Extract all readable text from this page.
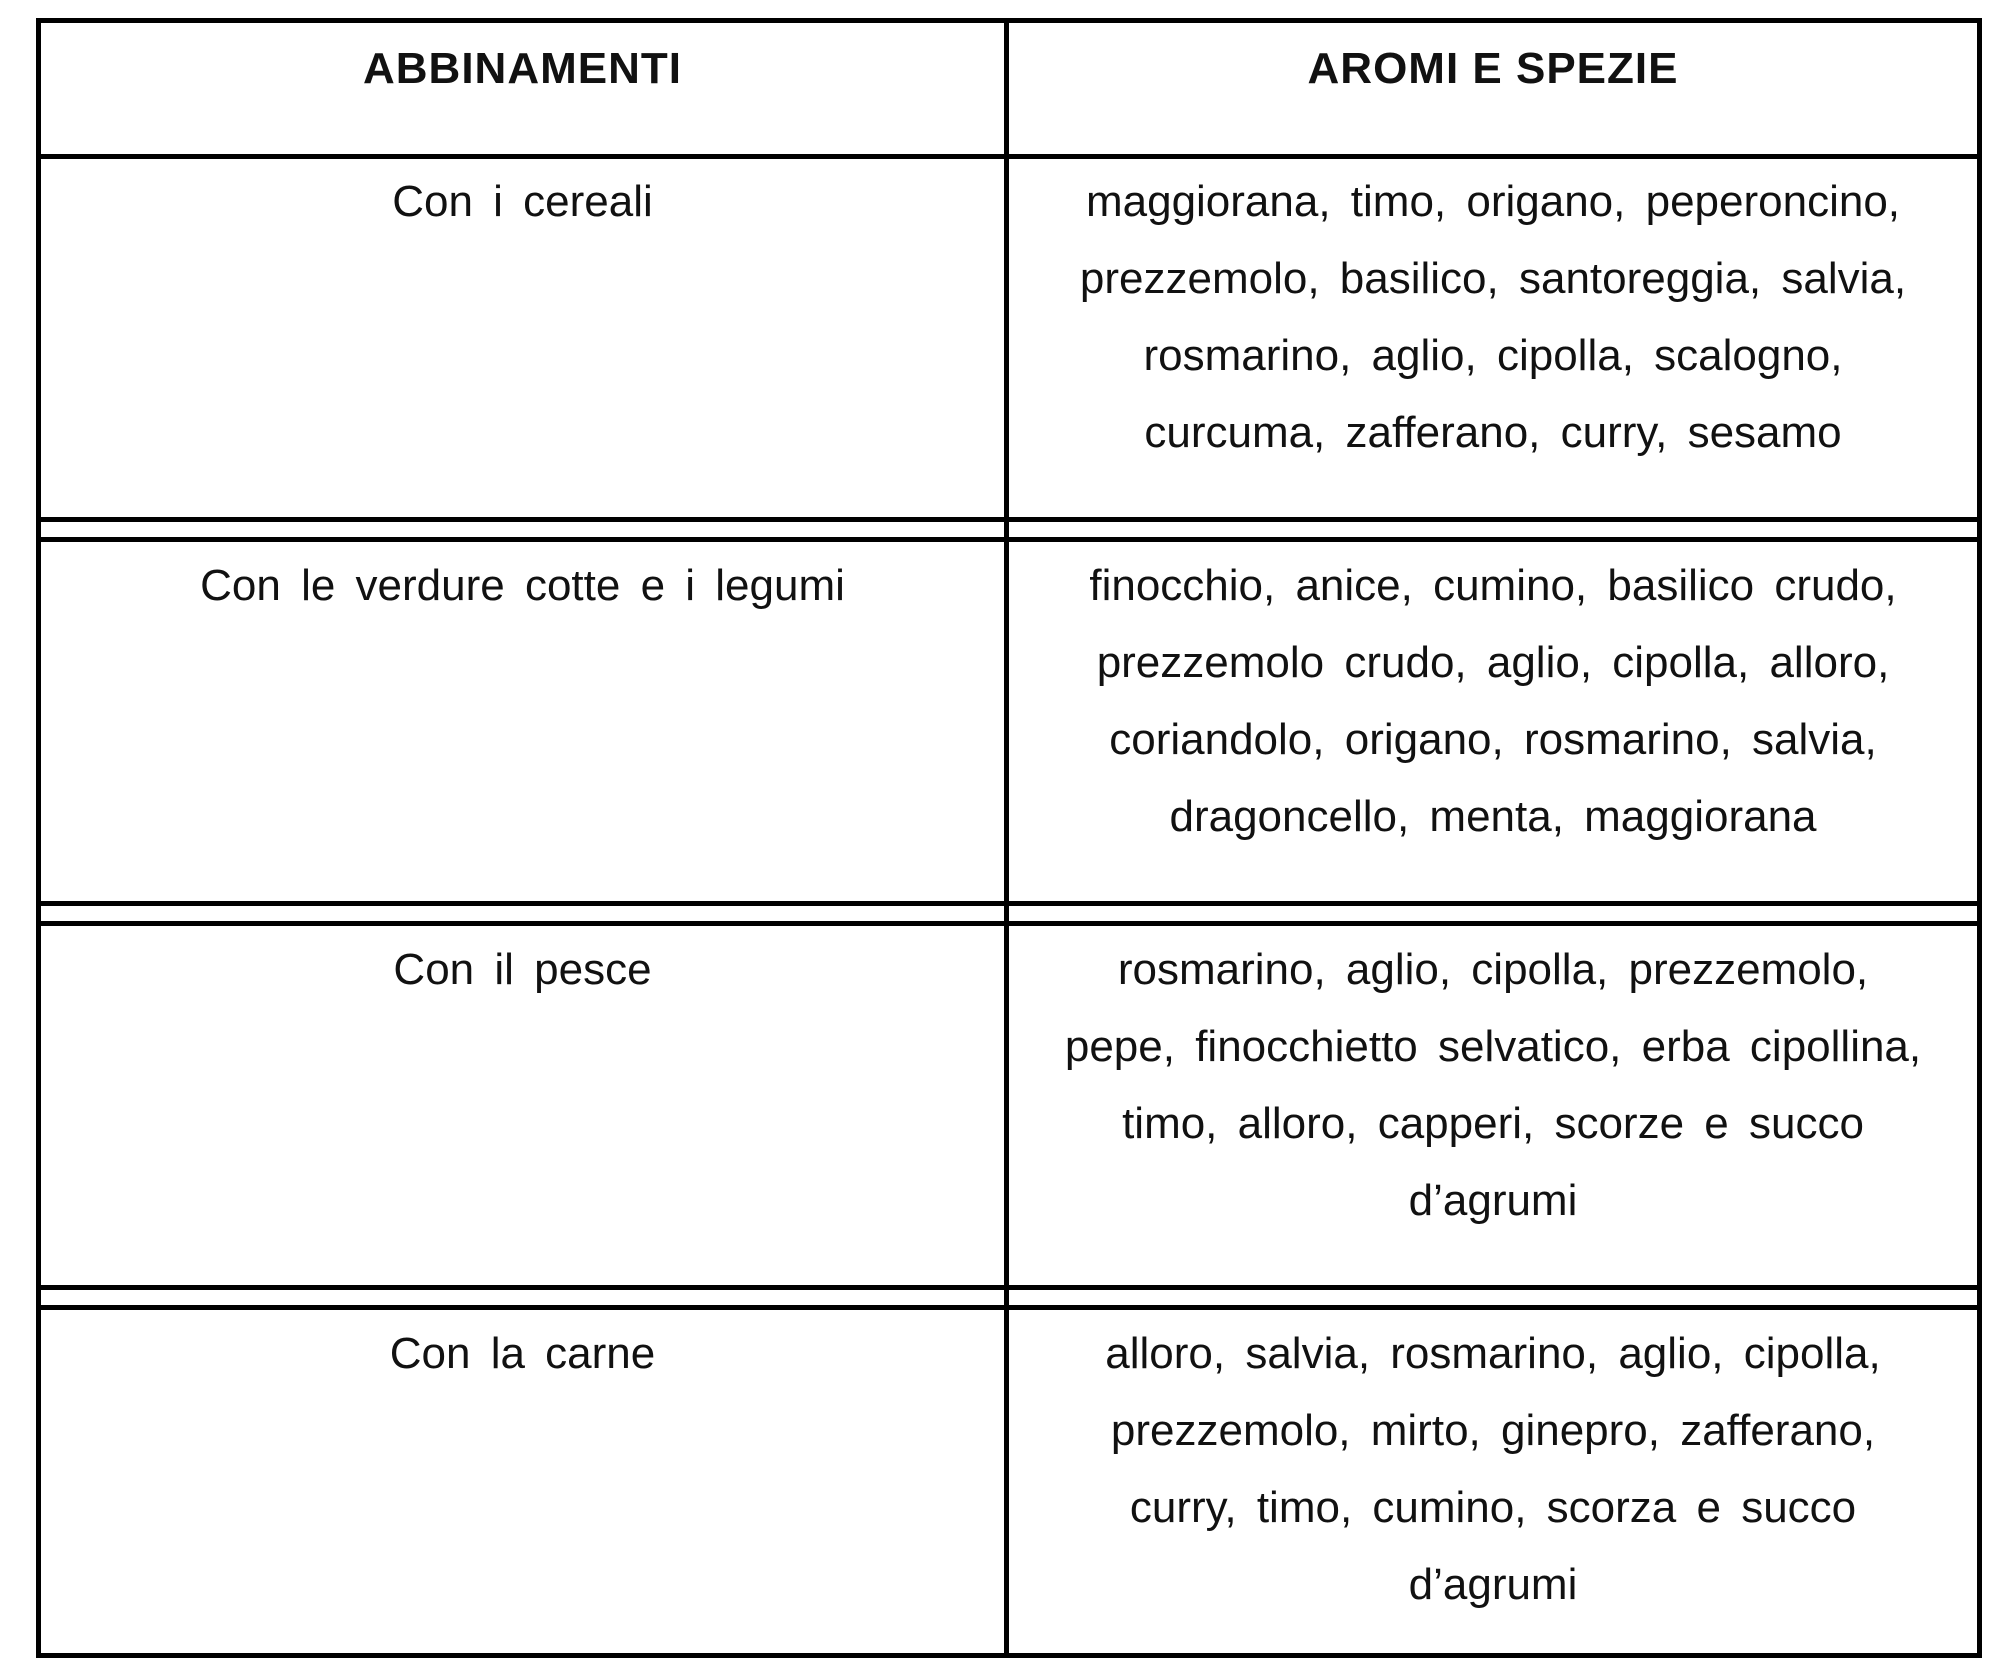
ABBINAMENTI	AROMI E SPEZIE
Con i cereali	maggiorana, timo, origano, peperoncino,
prezzemolo, basilico, santoreggia, salvia,
rosmarino, aglio, cipolla, scalogno,
curcuma, zafferano, curry, sesamo
Con le verdure cotte e i legumi	finocchio, anice, cumino, basilico crudo,
prezzemolo crudo, aglio, cipolla, alloro,
coriandolo, origano, rosmarino, salvia,
dragoncello, menta, maggiorana
Con il pesce	rosmarino, aglio, cipolla, prezzemolo,
pepe, finocchietto selvatico, erba cipollina,
timo, alloro, capperi, scorze e succo
d’agrumi
Con la carne	alloro, salvia, rosmarino, aglio, cipolla,
prezzemolo, mirto, ginepro, zafferano,
curry, timo, cumino, scorza e succo
d’agrumi
